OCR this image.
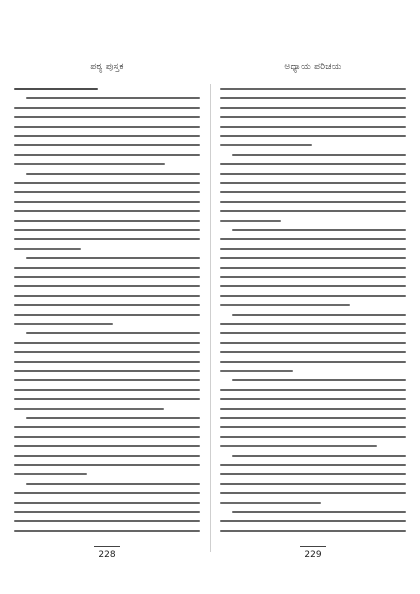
ಪಠ್ಯ ಪುಸ್ತಕ
228
ಅಧ್ಯಾಯ ಪರಿಚಯ
229
